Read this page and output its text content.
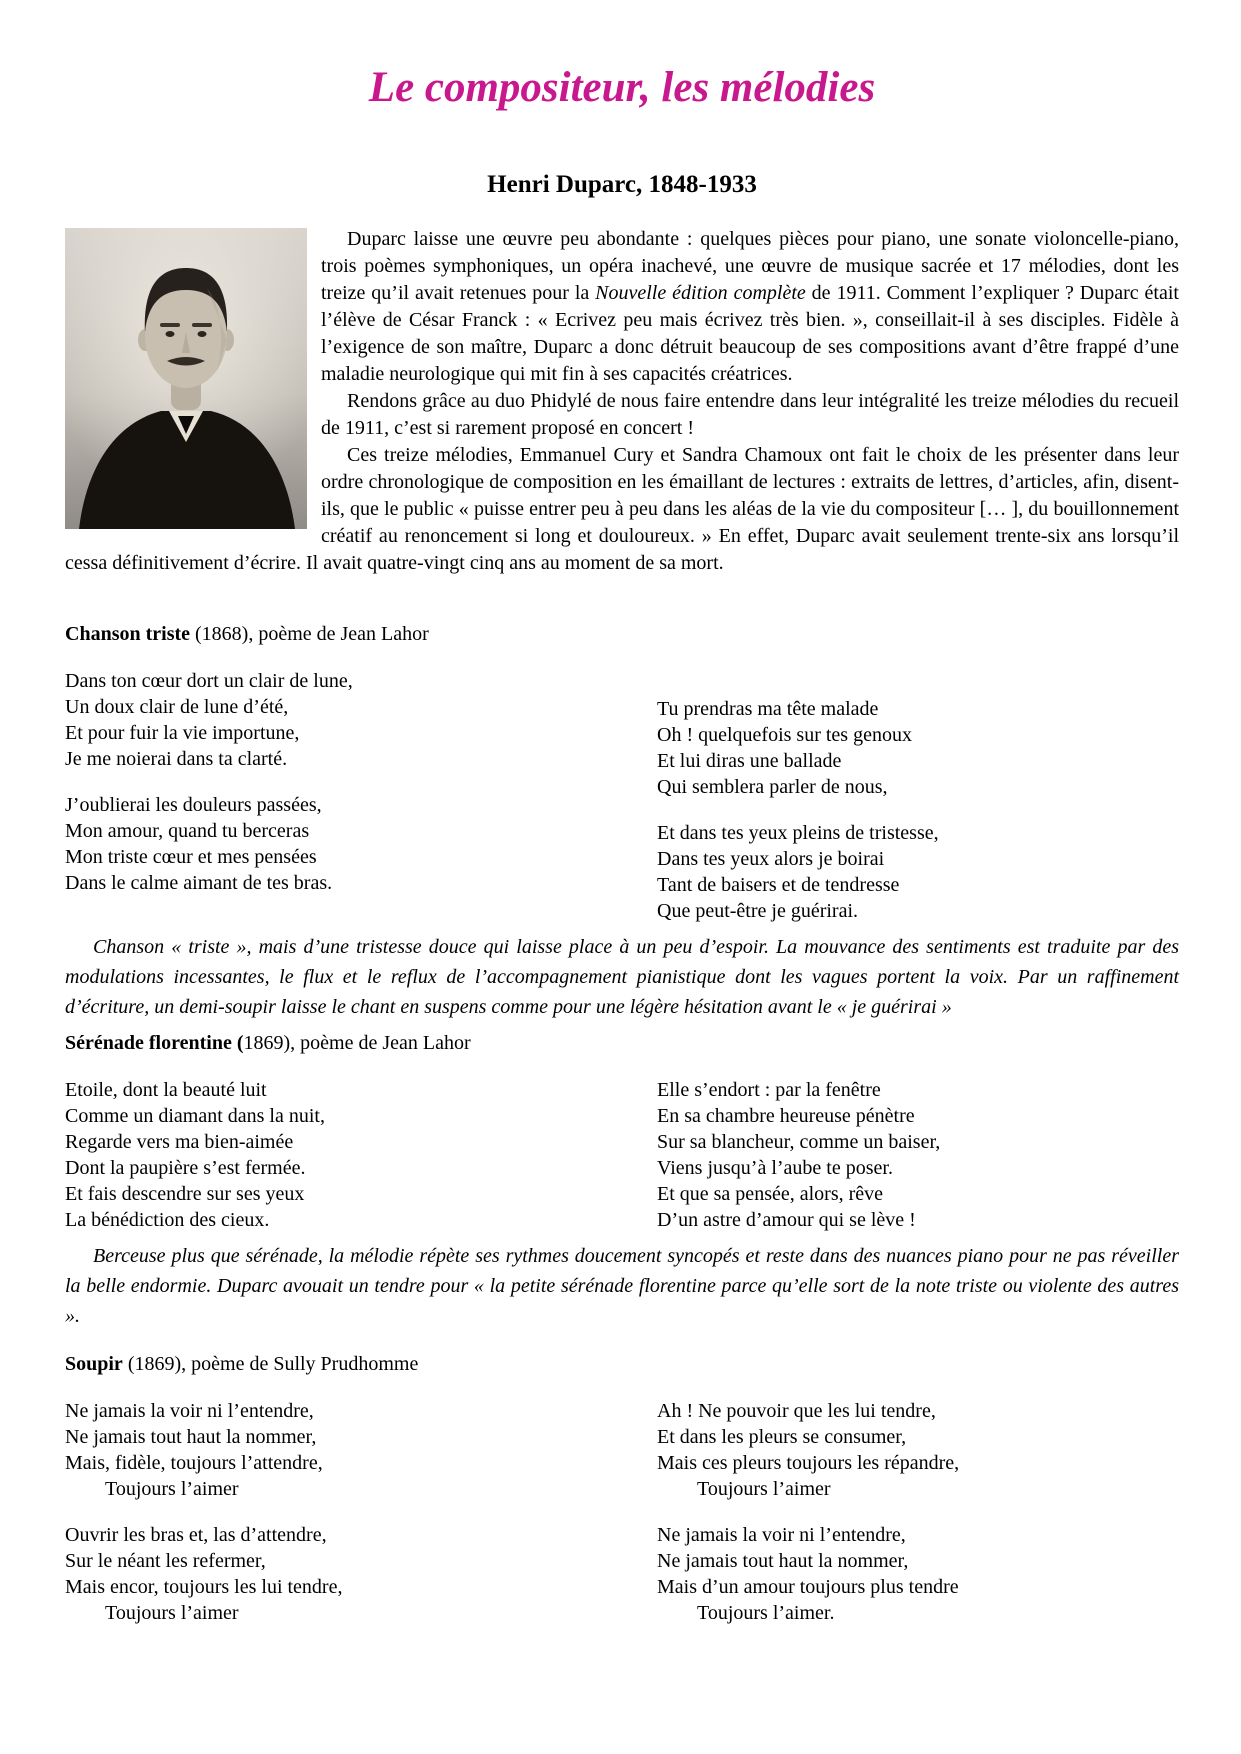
Le compositeur, les mélodies
Henri Duparc, 1848-1933

Duparc laisse une œuvre peu abondante : quelques pièces pour piano, une sonate violoncelle-piano, trois poèmes symphoniques, un opéra inachevé, une œuvre de musique sacrée et 17 mélodies, dont les treize qu’il avait retenues pour la Nouvelle édition complète de 1911. Comment l’expliquer ? Duparc était l’élève de César Franck : « Ecrivez peu mais écrivez très bien. », conseillait-il à ses disciples. Fidèle à l’exigence de son maître, Duparc a donc détruit beaucoup de ses compositions avant d’être frappé d’une maladie neurologique qui mit fin à ses capacités créatrices.

Rendons grâce au duo Phidylé de nous faire entendre dans leur intégralité les treize mélodies du recueil de 1911, c’est si rarement proposé en concert !

Ces treize mélodies, Emmanuel Cury et Sandra Chamoux ont fait le choix de les présenter dans leur ordre chronologique de composition en les émaillant de lectures : extraits de lettres, d’articles, afin, disent-ils, que le public « puisse entrer peu à peu dans les aléas de la vie du compositeur [… ], du bouillonnement créatif au renoncement si long et douloureux. » En effet, Duparc avait seulement trente-six ans lorsqu’il cessa définitivement d’écrire. Il avait quatre-vingt cinq ans au moment de sa mort.

Chanson triste (1868), poème de Jean Lahor
Dans ton cœur dort un clair de lune,
Un doux clair de lune d’été,
Et pour fuir la vie importune,
Je me noierai dans ta clarté.
J’oublierai les douleurs passées,
Mon amour, quand tu berceras
Mon triste cœur et mes pensées
Dans le calme aimant de tes bras.
Tu prendras ma tête malade
Oh ! quelquefois sur tes genoux
Et lui diras une ballade
Qui semblera parler de nous,
Et dans tes yeux pleins de tristesse,
Dans tes yeux alors je boirai
Tant de baisers et de tendresse
Que peut-être je guérirai.

Chanson « triste », mais d’une tristesse douce qui laisse place à un peu d’espoir. La mouvance des sentiments est traduite par des modulations incessantes, le flux et le reflux de l’accompagnement pianistique dont les vagues portent la voix. Par un raffinement d’écriture, un demi-soupir laisse le chant en suspens comme pour une légère hésitation avant le « je guérirai »

Sérénade florentine (1869), poème de Jean Lahor
Etoile, dont la beauté luit
Comme un diamant dans la nuit,
Regarde vers ma bien-aimée
Dont la paupière s’est fermée.
Et fais descendre sur ses yeux
La bénédiction des cieux.
Elle s’endort : par la fenêtre
En sa chambre heureuse pénètre
Sur sa blancheur, comme un baiser,
Viens jusqu’à l’aube te poser.
Et que sa pensée, alors, rêve
D’un astre d’amour qui se lève !

Berceuse plus que sérénade, la mélodie répète ses rythmes doucement syncopés et reste dans des nuances piano pour ne pas réveiller la belle endormie. Duparc avouait un tendre pour « la petite sérénade florentine parce qu’elle sort de la note triste ou violente des autres ».

Soupir (1869), poème de Sully Prudhomme
Ne jamais la voir ni l’entendre,
Ne jamais tout haut la nommer,
Mais, fidèle, toujours l’attendre,
Toujours l’aimer
Ouvrir les bras et, las d’attendre,
Sur le néant les refermer,
Mais encor, toujours les lui tendre,
Toujours l’aimer
Ah ! Ne pouvoir que les lui tendre,
Et dans les pleurs se consumer,
Mais ces pleurs toujours les répandre,
Toujours l’aimer
Ne jamais la voir ni l’entendre,
Ne jamais tout haut la nommer,
Mais d’un amour toujours plus tendre
Toujours l’aimer.
